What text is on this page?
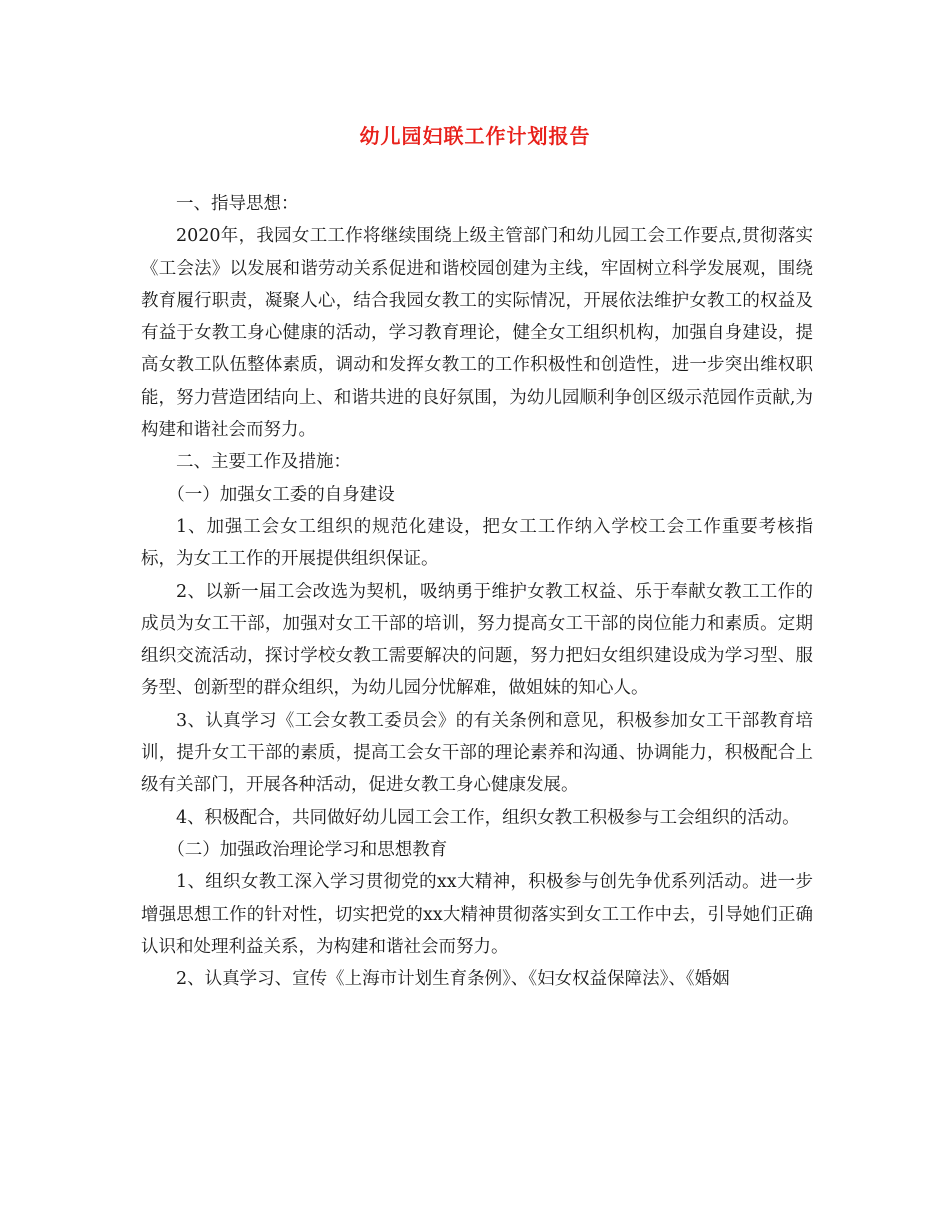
幼儿园妇联工作计划报告

一、指导思想：

2020年，我园女工工作将继续围绕上级主管部门和幼儿园工会工作要点,贯彻落实《工会法》以发展和谐劳动关系促进和谐校园创建为主线，牢固树立科学发展观，围绕教育履行职责，凝聚人心，结合我园女教工的实际情况，开展依法维护女教工的权益及有益于女教工身心健康的活动，学习教育理论，健全女工组织机构，加强自身建设，提高女教工队伍整体素质，调动和发挥女教工的工作积极性和创造性，进一步突出维权职能，努力营造团结向上、和谐共进的良好氛围，为幼儿园顺利争创区级示范园作贡献,为构建和谐社会而努力。

二、主要工作及措施：

（一）加强女工委的自身建设

1、加强工会女工组织的规范化建设，把女工工作纳入学校工会工作重要考核指标，为女工工作的开展提供组织保证。

2、以新一届工会改选为契机，吸纳勇于维护女教工权益、乐于奉献女教工工作的成员为女工干部，加强对女工干部的培训，努力提高女工干部的岗位能力和素质。定期组织交流活动，探讨学校女教工需要解决的问题，努力把妇女组织建设成为学习型、服务型、创新型的群众组织，为幼儿园分忧解难，做姐妹的知心人。

3、认真学习《工会女教工委员会》的有关条例和意见，积极参加女工干部教育培训，提升女工干部的素质，提高工会女干部的理论素养和沟通、协调能力，积极配合上级有关部门，开展各种活动，促进女教工身心健康发展。

4、积极配合，共同做好幼儿园工会工作，组织女教工积极参与工会组织的活动。

（二）加强政治理论学习和思想教育

1、组织女教工深入学习贯彻党的xx大精神，积极参与创先争优系列活动。进一步增强思想工作的针对性，切实把党的xx大精神贯彻落实到女工工作中去，引导她们正确认识和处理利益关系，为构建和谐社会而努力。

2、认真学习、宣传《上海市计划生育条例》、《妇女权益保障法》、《婚姻
